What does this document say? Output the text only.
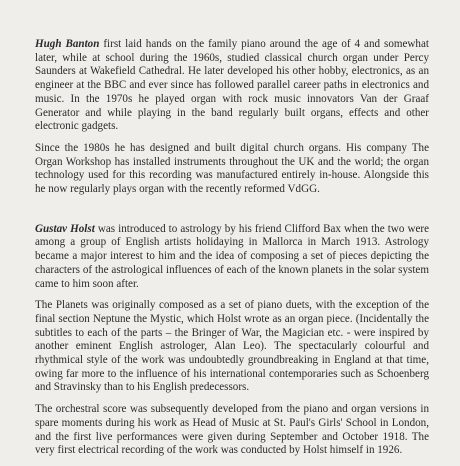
Hugh Banton first laid hands on the family piano around the age of 4 and somewhat later, while at school during the 1960s, studied classical church organ under Percy Saunders at Wakefield Cathedral. He later developed his other hobby, electronics, as an engineer at the BBC and ever since has followed parallel career paths in electronics and music. In the 1970s he played organ with rock music innovators Van der Graaf Generator and while playing in the band regularly built organs, effects and other electronic gadgets.

Since the 1980s he has designed and built digital church organs. His company The Organ Workshop has installed instruments throughout the UK and the world; the organ technology used for this recording was manufactured entirely in-house. Alongside this he now regularly plays organ with the recently reformed VdGG.

Gustav Holst was introduced to astrology by his friend Clifford Bax when the two were among a group of English artists holidaying in Mallorca in March 1913. Astrology became a major interest to him and the idea of composing a set of pieces depicting the characters of the astrological influences of each of the known planets in the solar system came to him soon after.

The Planets was originally composed as a set of piano duets, with the exception of the final section Neptune the Mystic, which Holst wrote as an organ piece. (Incidentally the subtitles to each of the parts – the Bringer of War, the Magician etc. - were inspired by another eminent English astrologer, Alan Leo). The spectacularly colourful and rhythmical style of the work was undoubtedly groundbreaking in England at that time, owing far more to the influence of his international contemporaries such as Schoenberg and Stravinsky than to his English predecessors.

The orchestral score was subsequently developed from the piano and organ versions in spare moments during his work as Head of Music at St. Paul's Girls' School in London, and the first live performances were given during September and October 1918. The very first electrical recording of the work was conducted by Holst himself in 1926.
